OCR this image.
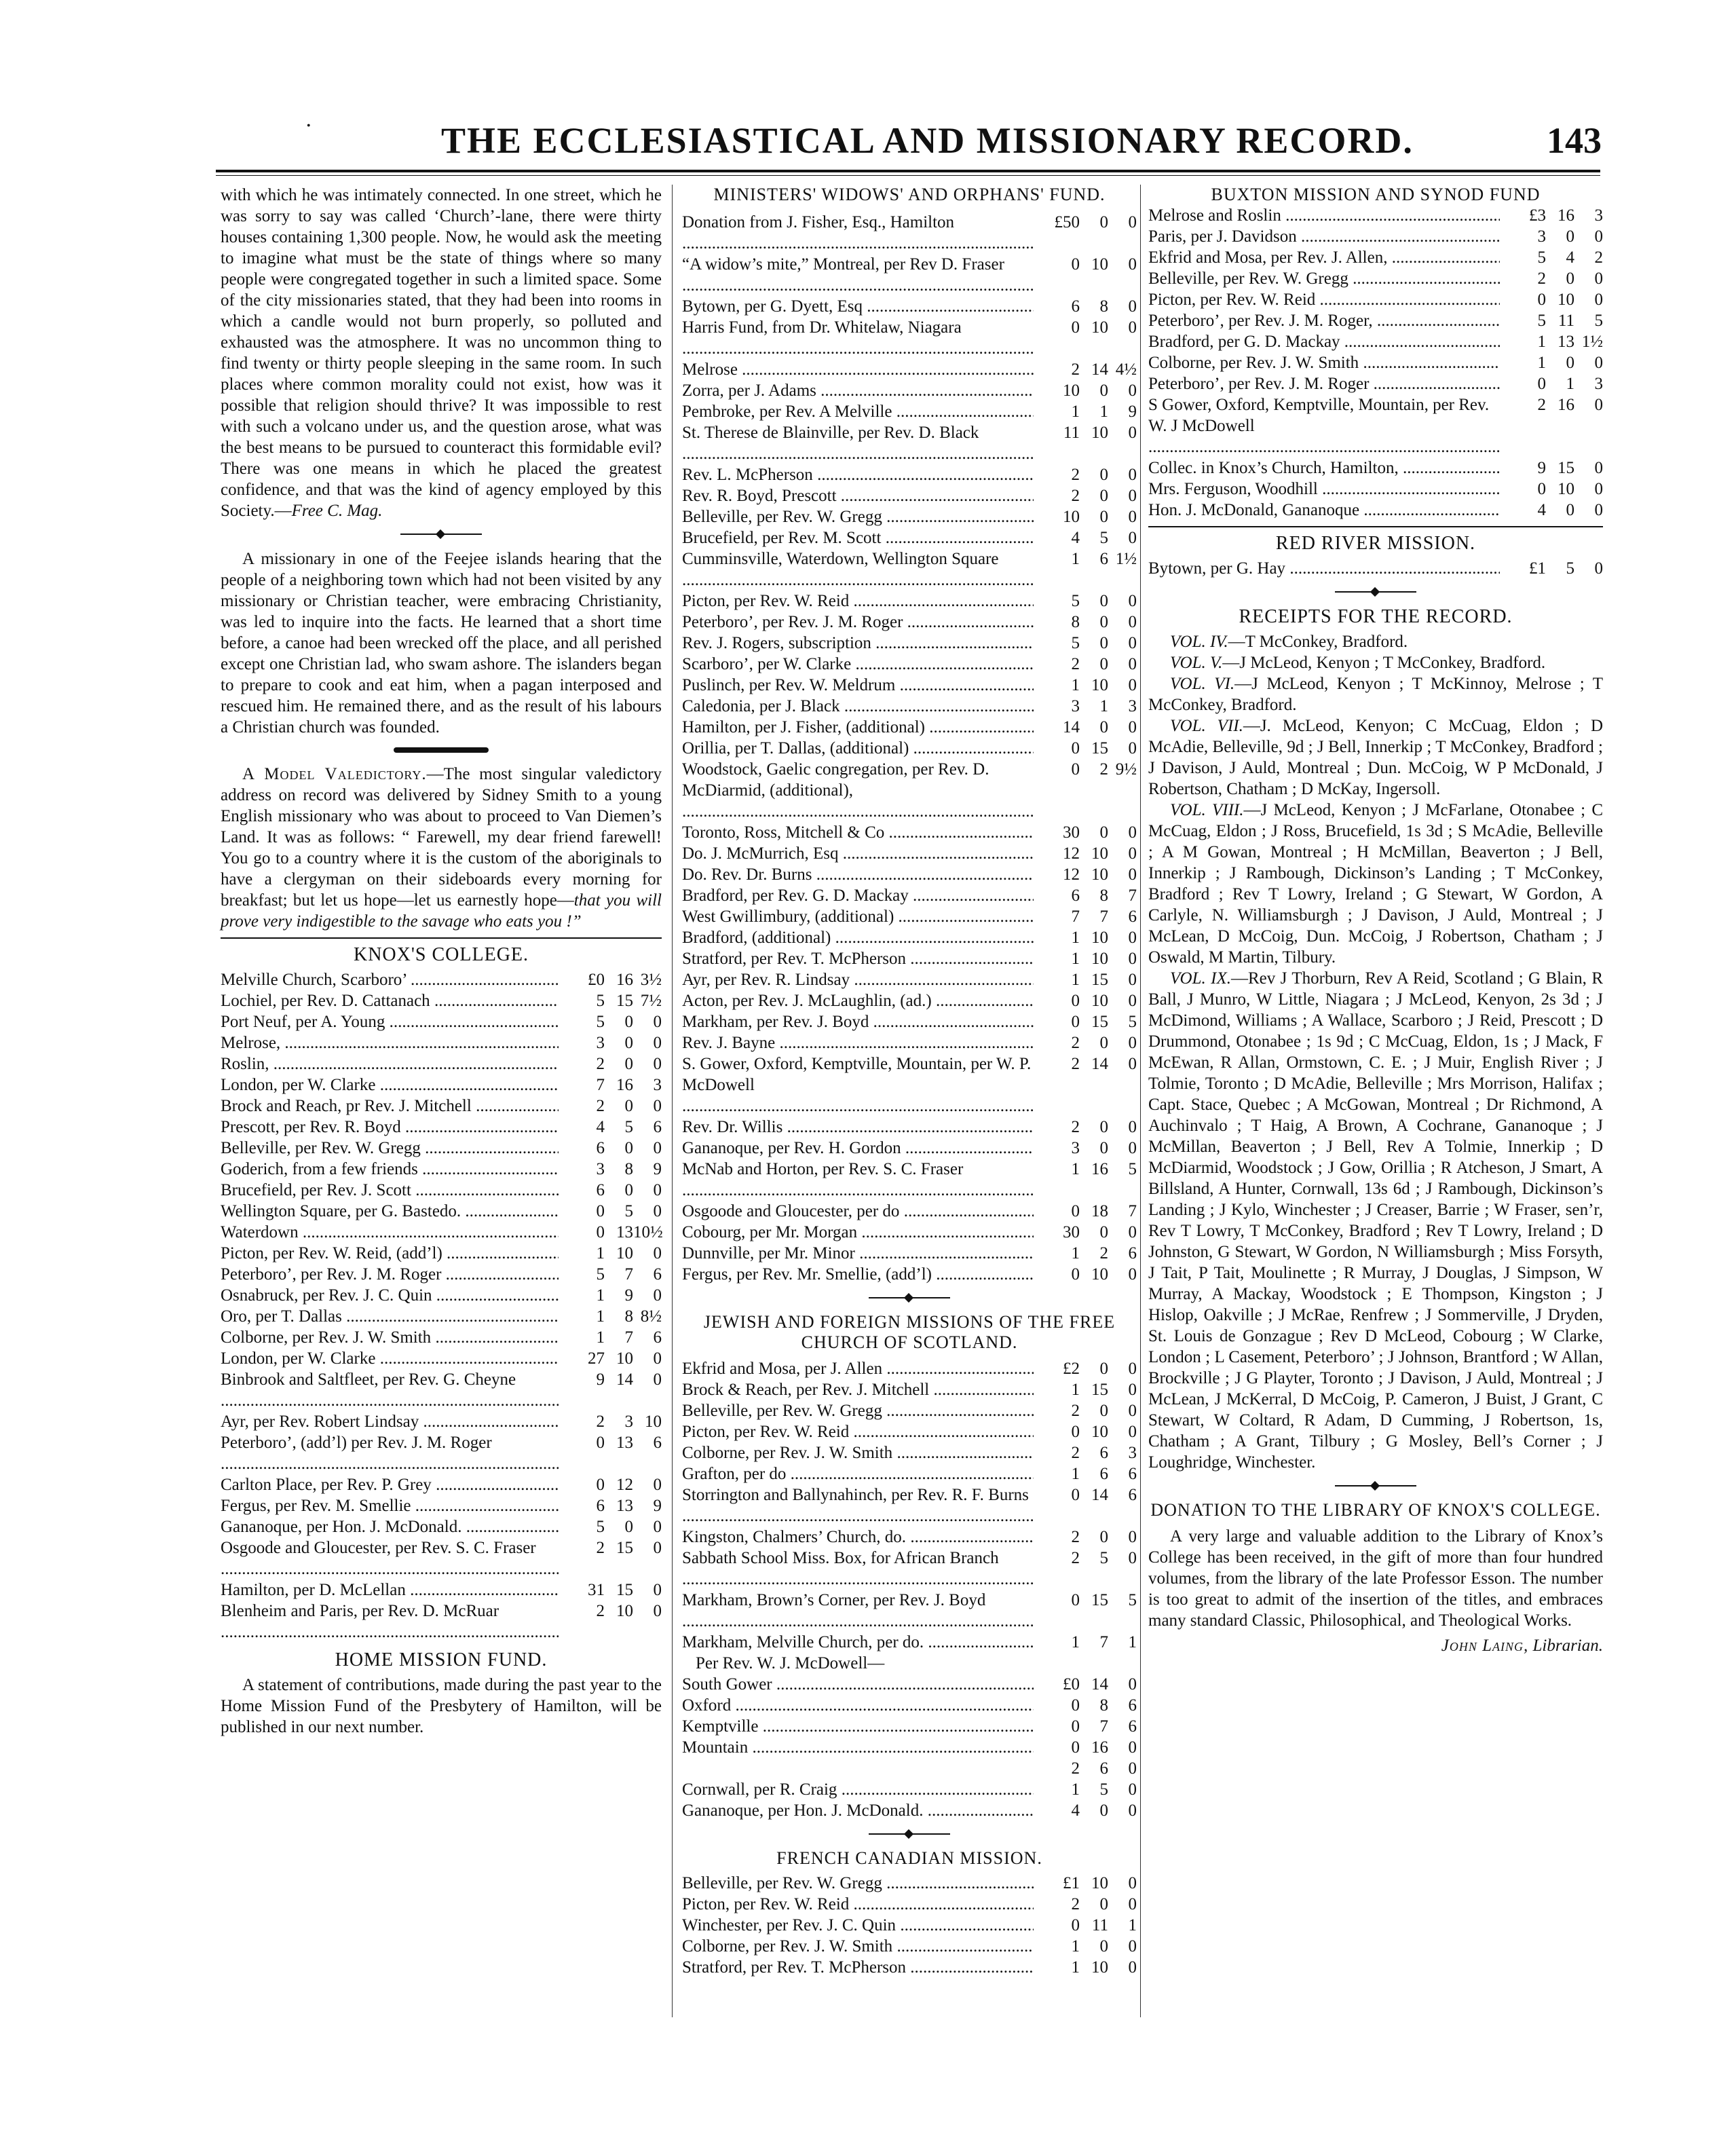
·	THE ECCLESIASTICAL AND MISSIONARY RECORD.	143

with which he was intimately connected. In one street, which he was sorry to say was called ‘Church’-lane, there were thirty houses containing 1,300 people. Now, he would ask the meeting to imagine what must be the state of things where so many people were congregated together in such a limited space. Some of the city missionaries stated, that they had been into rooms in which a candle would not burn properly, so polluted and exhausted was the atmosphere. It was no uncommon thing to find twenty or thirty people sleeping in the same room. In such places where common morality could not exist, how was it possible that religion should thrive? It was impossible to rest with such a volcano under us, and the question arose, what was the best means to be pursued to counteract this formidable evil? There was one means in which he placed the greatest confidence, and that was the kind of agency employed by this Society.—Free C. Mag.

A missionary in one of the Feejee islands hearing that the people of a neighboring town which had not been visited by any missionary or Christian teacher, were embracing Christianity, was led to inquire into the facts. He learned that a short time before, a canoe had been wrecked off the place, and all perished except one Christian lad, who swam ashore. The islanders began to prepare to cook and eat him, when a pagan interposed and rescued him. He remained there, and as the result of his labours a Christian church was founded.

A Model Valedictory.—The most singular valedictory address on record was delivered by Sidney Smith to a young English missionary who was about to proceed to Van Diemen’s Land. It was as follows: “ Farewell, my dear friend farewell! You go to a country where it is the custom of the aboriginals to have a clergyman on their sideboards every morning for breakfast; but let us hope—let us earnestly hope—that you will prove very indigestible to the savage who eats you !”

KNOX'S COLLEGE.
Melville Church, Scarboro’ .....	£0 16 3½
Lochiel, per Rev. D. Cattanach .....	5 15 7½
Port Neuf, per A. Young .....	5	0	0
Melrose, .....	3	0	0
Roslin, .....	2	0	0
London, per W. Clarke .....	7 16	3
Brock and Reach, pr Rev. J. Mitchell .....	2	0	0
Prescott, per Rev. R. Boyd .....	4	5	6
Belleville, per Rev. W. Gregg .....	6	0	0
Goderich, from a few friends .....	3	8	9
Brucefield, per Rev. J. Scott .....	6	0	0
Wellington Square, per G. Bastedo. .....	0	5	0
Waterdown .....	0 13 10½
Picton, per Rev. W. Reid, (add’l) .....	1 10	0
Peterboro’, per Rev. J. M. Roger .....	5	7	6
Osnabruck, per Rev. J. C. Quin .....	1	9	0
Oro, per T. Dallas .....	1	8 8½
Colborne, per Rev. J. W. Smith .....	1	7	6
London, per W. Clarke .....	27 10	0
Binbrook and Saltfleet, per Rev. G. Cheyne .....	9 14	0
Ayr, per Rev. Robert Lindsay .....	2	3 10
Peterboro’, (add’l) per Rev. J. M. Roger .....	0 13	6
Carlton Place, per Rev. P. Grey .....	0 12	0
Fergus, per Rev. M. Smellie .....	6 13	9
Gananoque, per Hon. J. McDonald. .....	5	0	0
Osgoode and Gloucester, per Rev. S. C. Fraser .....	2 15	0
Hamilton, per D. McLellan .....	31 15	0
Blenheim and Paris, per Rev. D. McRuar .....	2 10	0
HOME MISSION FUND.

A statement of contributions, made during the past year to the Home Mission Fund of the Presbytery of Hamilton, will be published in our next number.

MINISTERS' WIDOWS' AND ORPHANS' FUND.
Donation from J. Fisher, Esq., Hamilton .....	£50	0	0
“A widow’s mite,” Montreal, per Rev D. Fraser .....	0 10	0
Bytown, per G. Dyett, Esq .....	6	8	0
Harris Fund, from Dr. Whitelaw, Niagara .....	0 10	0
Melrose .....	2 14 4½
Zorra, per J. Adams .....	10	0	0
Pembroke, per Rev. A Melville .....	1	1	9
St. Therese de Blainville, per Rev. D. Black .....	11 10	0
Rev. L. McPherson .....	2	0	0
Rev. R. Boyd, Prescott .....	2	0	0
Belleville, per Rev. W. Gregg .....	10	0	0
Brucefield, per Rev. M. Scott .....	4	5	0
Cumminsville, Waterdown, Wellington Square .....	1	6 1½
Picton, per Rev. W. Reid .....	5	0	0
Peterboro’, per Rev. J. M. Roger .....	8	0	0
Rev. J. Rogers, subscription .....	5	0	0
Scarboro’, per W. Clarke .....	2	0	0
Puslinch, per Rev. W. Meldrum .....	1 10	0
Caledonia, per J. Black .....	3	1	3
Hamilton, per J. Fisher, (additional) .....	14	0	0
Orillia, per T. Dallas, (additional) .....	0 15	0
Woodstock, Gaelic congregation, per Rev. D. McDiarmid, (additional), .....
0	2 9½
Toronto, Ross, Mitchell & Co .....	30	0	0
Do. J. McMurrich, Esq .....	12 10	0
Do. Rev. Dr. Burns .....	12 10	0
Bradford, per Rev. G. D. Mackay .....	6	8	7
West Gwillimbury, (additional) .....	7	7	6
Bradford, (additional) .....	1 10	0
Stratford, per Rev. T. McPherson .....	1 10	0
Ayr, per Rev. R. Lindsay .....	1 15	0
Acton, per Rev. J. McLaughlin, (ad.) .....	0 10	0
Markham, per Rev. J. Boyd .....	0 15	5
Rev. J. Bayne .....	2	0	0
S. Gower, Oxford, Kemptville, Mountain, per W. P. McDowell .....
2 14	0
Rev. Dr. Willis .....	2	0	0
Gananoque, per Rev. H. Gordon .....	3	0	0
McNab and Horton, per Rev. S. C. Fraser .....	1 16	5
Osgoode and Gloucester, per do .....	0 18	7
Cobourg, per Mr. Morgan .....	30	0	0
Dunnville, per Mr. Minor .....	1	2	6
Fergus, per Rev. Mr. Smellie, (add’l) .....	0 10	0
JEWISH AND FOREIGN MISSIONS OF THE FREE CHURCH OF SCOTLAND.
Ekfrid and Mosa, per J. Allen .....	£2	0	0
Brock & Reach, per Rev. J. Mitchell .....	1 15	0
Belleville, per Rev. W. Gregg .....	2	0	0
Picton, per Rev. W. Reid .....	0 10	0
Colborne, per Rev. J. W. Smith .....	2	6	3
Grafton, per do .....	1	6	6
Storrington and Ballynahinch, per Rev. R. F. Burns .....	0 14	6
Kingston, Chalmers’ Church, do. .....	2	0	0
Sabbath School Miss. Box, for African Branch .....	2	5	0
Markham, Brown’s Corner, per Rev. J. Boyd .....	0 15	5
Markham, Melville Church, per do. .....	1	7	1
Per Rev. W. J. McDowell—
South Gower .....	£0 14	0
Oxford .....	0	8	6
Kemptville .....	0	7	6
Mountain .....	0 16	0
2	6	0
Cornwall, per R. Craig .....	1	5	0
Gananoque, per Hon. J. McDonald. .....	4	0	0
FRENCH CANADIAN MISSION.
Belleville, per Rev. W. Gregg .....	£1 10	0
Picton, per Rev. W. Reid .....	2	0	0
Winchester, per Rev. J. C. Quin .....	0 11	1
Colborne, per Rev. J. W. Smith .....	1	0	0
Stratford, per Rev. T. McPherson .....	1 10	0
BUXTON MISSION AND SYNOD FUND
Melrose and Roslin .....	£3 16	3
Paris, per J. Davidson .....	3	0	0
Ekfrid and Mosa, per Rev. J. Allen, .....	5	4	2
Belleville, per Rev. W. Gregg .....	2	0	0
Picton, per Rev. W. Reid .....	0 10	0
Peterboro’, per Rev. J. M. Roger, .....	5 11	5
Bradford, per G. D. Mackay .....	1 13 1½
Colborne, per Rev. J. W. Smith .....	1	0	0
Peterboro’, per Rev. J. M. Roger .....	0	1	3
S Gower, Oxford, Kemptville, Mountain, per Rev. W. J McDowell .....
2 16	0
Collec. in Knox’s Church, Hamilton, .....	9 15	0
Mrs. Ferguson, Woodhill .....	0 10	0
Hon. J. McDonald, Gananoque .....	4	0	0
RED RIVER MISSION.
Bytown, per G. Hay .....	£1	5	0
RECEIPTS FOR THE RECORD.

VOL. IV.—T McConkey, Bradford.

VOL. V.—J McLeod, Kenyon ; T McConkey, Bradford.

VOL. VI.—J McLeod, Kenyon ; T McKinnoy, Melrose ; T McConkey, Bradford.

VOL. VII.—J. McLeod, Kenyon; C McCuag, Eldon ; D McAdie, Belleville, 9d ; J Bell, Innerkip ; T McConkey, Bradford ; J Davison, J Auld, Montreal ; Dun. McCoig, W P McDonald, J Robertson, Chatham ; D McKay, Ingersoll.

VOL. VIII.—J McLeod, Kenyon ; J McFarlane, Otonabee ; C McCuag, Eldon ; J Ross, Brucefield, 1s 3d ; S McAdie, Belleville ; A M Gowan, Montreal ; H McMillan, Beaverton ; J Bell, Innerkip ; J Rambough, Dickinson’s Landing ; T McConkey, Bradford ; Rev T Lowry, Ireland ; G Stewart, W Gordon, A Carlyle, N. Williamsburgh ; J Davison, J Auld, Montreal ; J McLean, D McCoig, Dun. McCoig, J Robertson, Chatham ; J Oswald, M Martin, Tilbury.

VOL. IX.—Rev J Thorburn, Rev A Reid, Scotland ; G Blain, R Ball, J Munro, W Little, Niagara ; J McLeod, Kenyon, 2s 3d ; J McDimond, Williams ; A Wallace, Scarboro ; J Reid, Prescott ; D Drummond, Otonabee ; 1s 9d ; C McCuag, Eldon, 1s ; J Mack, F McEwan, R Allan, Ormstown, C. E. ; J Muir, English River ; J Tolmie, Toronto ; D McAdie, Belleville ; Mrs Morrison, Halifax ; Capt. Stace, Quebec ; A McGowan, Montreal ; Dr Richmond, A Auchinvalo ; T Haig, A Brown, A Cochrane, Gananoque ; J McMillan, Beaverton ; J Bell, Rev A Tolmie, Innerkip ; D McDiarmid, Woodstock ; J Gow, Orillia ; R Atcheson, J Smart, A Billsland, A Hunter, Cornwall, 13s 6d ; J Rambough, Dickinson’s Landing ; J Kylo, Winchester ; J Creaser, Barrie ; W Fraser, sen’r, Rev T Lowry, T McConkey, Bradford ; Rev T Lowry, Ireland ; D Johnston, G Stewart, W Gordon, N Williamsburgh ; Miss Forsyth, J Tait, P Tait, Moulinette ; R Murray, J Douglas, J Simpson, W Murray, A Mackay, Woodstock ; E Thompson, Kingston ; J Hislop, Oakville ; J McRae, Renfrew ; J Sommerville, J Dryden, St. Louis de Gonzague ; Rev D McLeod, Cobourg ; W Clarke, London ; L Casement, Peterboro’ ; J Johnson, Brantford ; W Allan, Brockville ; J G Playter, Toronto ; J Davison, J Auld, Montreal ; J McLean, J McKerral, D McCoig, P. Cameron, J Buist, J Grant, C Stewart, W Coltard, R Adam, D Cumming, J Robertson, 1s, Chatham ; A Grant, Tilbury ; G Mosley, Bell’s Corner ; J Loughridge, Winchester.

DONATION TO THE LIBRARY OF KNOX'S COLLEGE.

A very large and valuable addition to the Library of Knox’s College has been received, in the gift of more than four hundred volumes, from the library of the late Professor Esson. The number is too great to admit of the insertion of the titles, and embraces many standard Classic, Philosophical, and Theological Works.

John Laing, Librarian.
